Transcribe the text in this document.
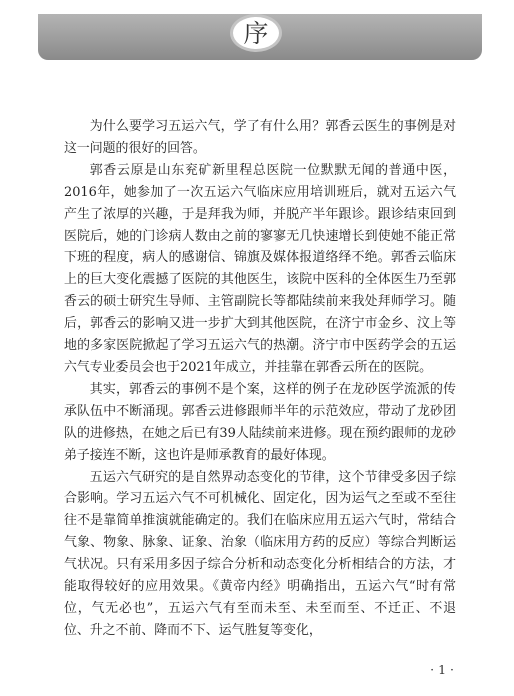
序

为什么要学习五运六气，学了有什么用？郭香云医生的事例是对这一问题的很好的回答。

郭香云原是山东兖矿新里程总医院一位默默无闻的普通中医，2016年，她参加了一次五运六气临床应用培训班后，就对五运六气产生了浓厚的兴趣，于是拜我为师，并脱产半年跟诊。跟诊结束回到医院后，她的门诊病人数由之前的寥寥无几快速增长到使她不能正常下班的程度，病人的感谢信、锦旗及媒体报道络绎不绝。郭香云临床上的巨大变化震撼了医院的其他医生，该院中医科的全体医生乃至郭香云的硕士研究生导师、主管副院长等都陆续前来我处拜师学习。随后，郭香云的影响又进一步扩大到其他医院，在济宁市金乡、汶上等地的多家医院掀起了学习五运六气的热潮。济宁市中医药学会的五运六气专业委员会也于2021年成立，并挂靠在郭香云所在的医院。

其实，郭香云的事例不是个案，这样的例子在龙砂医学流派的传承队伍中不断涌现。郭香云进修跟师半年的示范效应，带动了龙砂团队的进修热，在她之后已有39人陆续前来进修。现在预约跟师的龙砂弟子接连不断，这也许是师承教育的最好体现。

五运六气研究的是自然界动态变化的节律，这个节律受多因子综合影响。学习五运六气不可机械化、固定化，因为运气之至或不至往往不是靠简单推演就能确定的。我们在临床应用五运六气时，常结合气象、物象、脉象、证象、治象（临床用方药的反应）等综合判断运气状况。只有采用多因子综合分析和动态变化分析相结合的方法，才能取得较好的应用效果。《黄帝内经》明确指出，五运六气“时有常位，气无必也”，五运六气有至而未至、未至而至、不迁正、不退位、升之不前、降而不下、运气胜复等变化，

· 1 ·
